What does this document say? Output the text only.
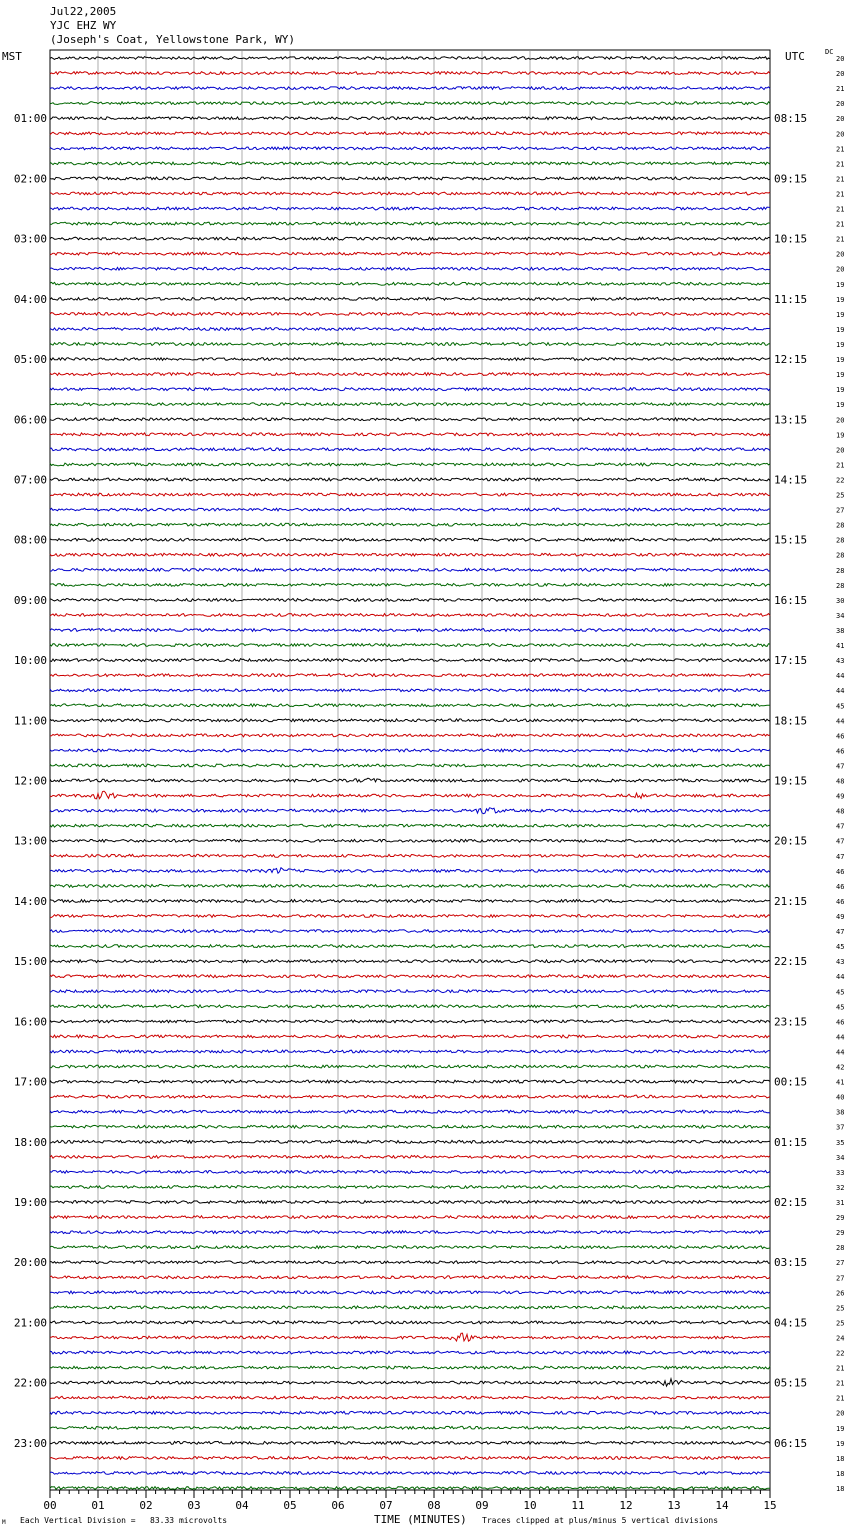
Jul22,2005
YJC EHZ WY
(Joseph's Coat, Yellowstone Park, WY)
MST	UTC	DC
00	01	02	03	04	05	06	07	08	09	10	11	12	13	14	15
20
20
21
20
20
01:00	08:15
20
21
21
21
02:00	09:15
21
21
21
21
03:00	10:15
20
20
19
19
04:00	11:15
19
19
19
19
05:00	12:15
19
19
19
20
06:00	13:15
19
20
21
22
07:00	14:15
25
27
28
28
08:00	15:15
28
28
28
30
09:00	16:15
34
38
41
43
10:00	17:15
44
44
45
44
11:00	18:15
46
46
47
48
12:00	19:15
49
48
47
47
13:00	20:15
47
46
46
46
14:00	21:15
49
47
45
43
15:00	22:15
44
45
45
46
16:00	23:15
44
44
42
41
17:00	00:15
40
38
37
35
18:00	01:15
34
33
32
31
19:00	02:15
29
29
28
27
20:00	03:15
27
26
25
25
21:00	04:15
24
22
21
21
22:00	05:15
21
20
19
19
23:00	06:15
18
18
18
M Each Vertical Division =   83.33 microvolts	TIME (MINUTES) Traces clipped at plus/minus 5 vertical divisions
